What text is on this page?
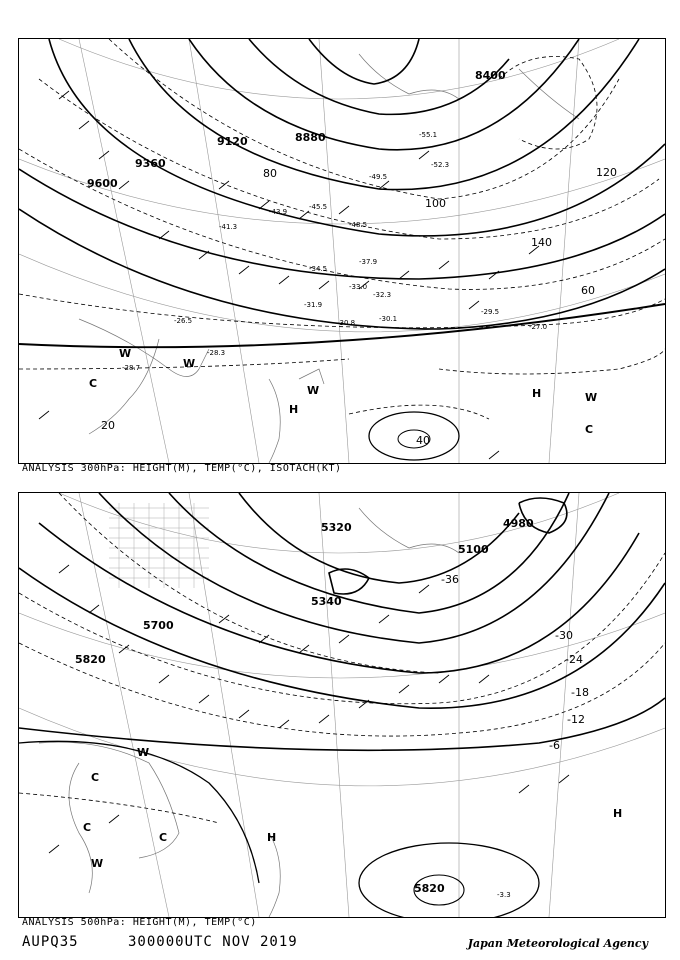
9120	8880
8400
9600
9360
-55.1
-52.3
-49.5
-48.5
-45.5
-43.9
-41.3
-37.9
-34.5
-33.0
-31.9
-30.1
-29.5
-28.7
-26.5
-27.0
-28.3
-30.8
-32.3
20
40
60
80
100
120
140
H
H
W
W
W
W
C
C
ANALYSIS 300hPa: HEIGHT(M), TEMP(°C), ISOTACH(KT)
5320
5100
4980
5340
5700
5820
5820
-36
-30
-24
-18
-12
-6
-3.3
H
H
W
W
C
C
C
ANALYSIS 500hPa: HEIGHT(M), TEMP(°C)
AUPQ35	300000UTC NOV 2019	Japan Meteorological Agency
